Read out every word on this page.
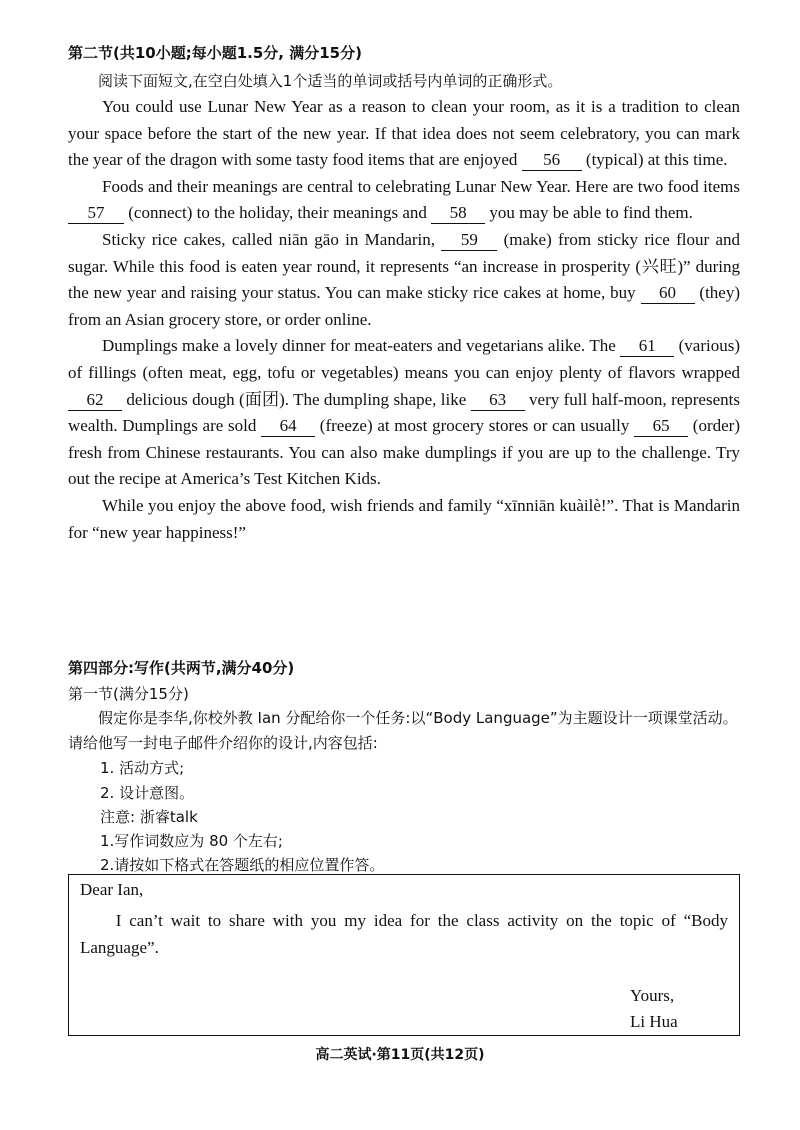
第二节(共10小题;每小题1.5分, 满分15分)
阅读下面短文,在空白处填入1个适当的单词或括号内单词的正确形式。

You could use Lunar New Year as a reason to clean your room, as it is a tradition to clean your space before the start of the new year. If that idea does not seem celebratory, you can mark the year of the dragon with some tasty food items that are enjoyed 56 (typical) at this time.

Foods and their meanings are central to celebrating Lunar New Year. Here are two food items 57 (connect) to the holiday, their meanings and 58 you may be able to find them.

Sticky rice cakes, called niān gāo in Mandarin, 59 (make) from sticky rice flour and sugar. While this food is eaten year round, it represents “an increase in prosperity (兴旺)” during the new year and raising your status. You can make sticky rice cakes at home, buy 60 (they) from an Asian grocery store, or order online.

Dumplings make a lovely dinner for meat-eaters and vegetarians alike. The 61 (various) of fillings (often meat, egg, tofu or vegetables) means you can enjoy plenty of flavors wrapped 62 delicious dough (面团). The dumpling shape, like 63 very full half-moon, represents wealth. Dumplings are sold 64 (freeze) at most grocery stores or can usually 65 (order) fresh from Chinese restaurants. You can also make dumplings if you are up to the challenge. Try out the recipe at America’s Test Kitchen Kids.

While you enjoy the above food, wish friends and family “xīnniān kuàilè!”. That is Mandarin for “new year happiness!”

第四部分:写作(共两节,满分40分)
第一节(满分15分)
假定你是李华,你校外教 Ian 分配给你一个任务:以“Body Language”为主题设计一项课堂活动。请给他写一封电子邮件介绍你的设计,内容包括:
1. 活动方式;
2. 设计意图。
注意: 浙睿talk
1.写作词数应为 80 个左右;
2.请按如下格式在答题纸的相应位置作答。
Dear Ian,
I can’t wait to share with you my idea for the class activity on the topic of “Body Language”.
Yours,
Li Hua
高二英试·第11页(共12页)
